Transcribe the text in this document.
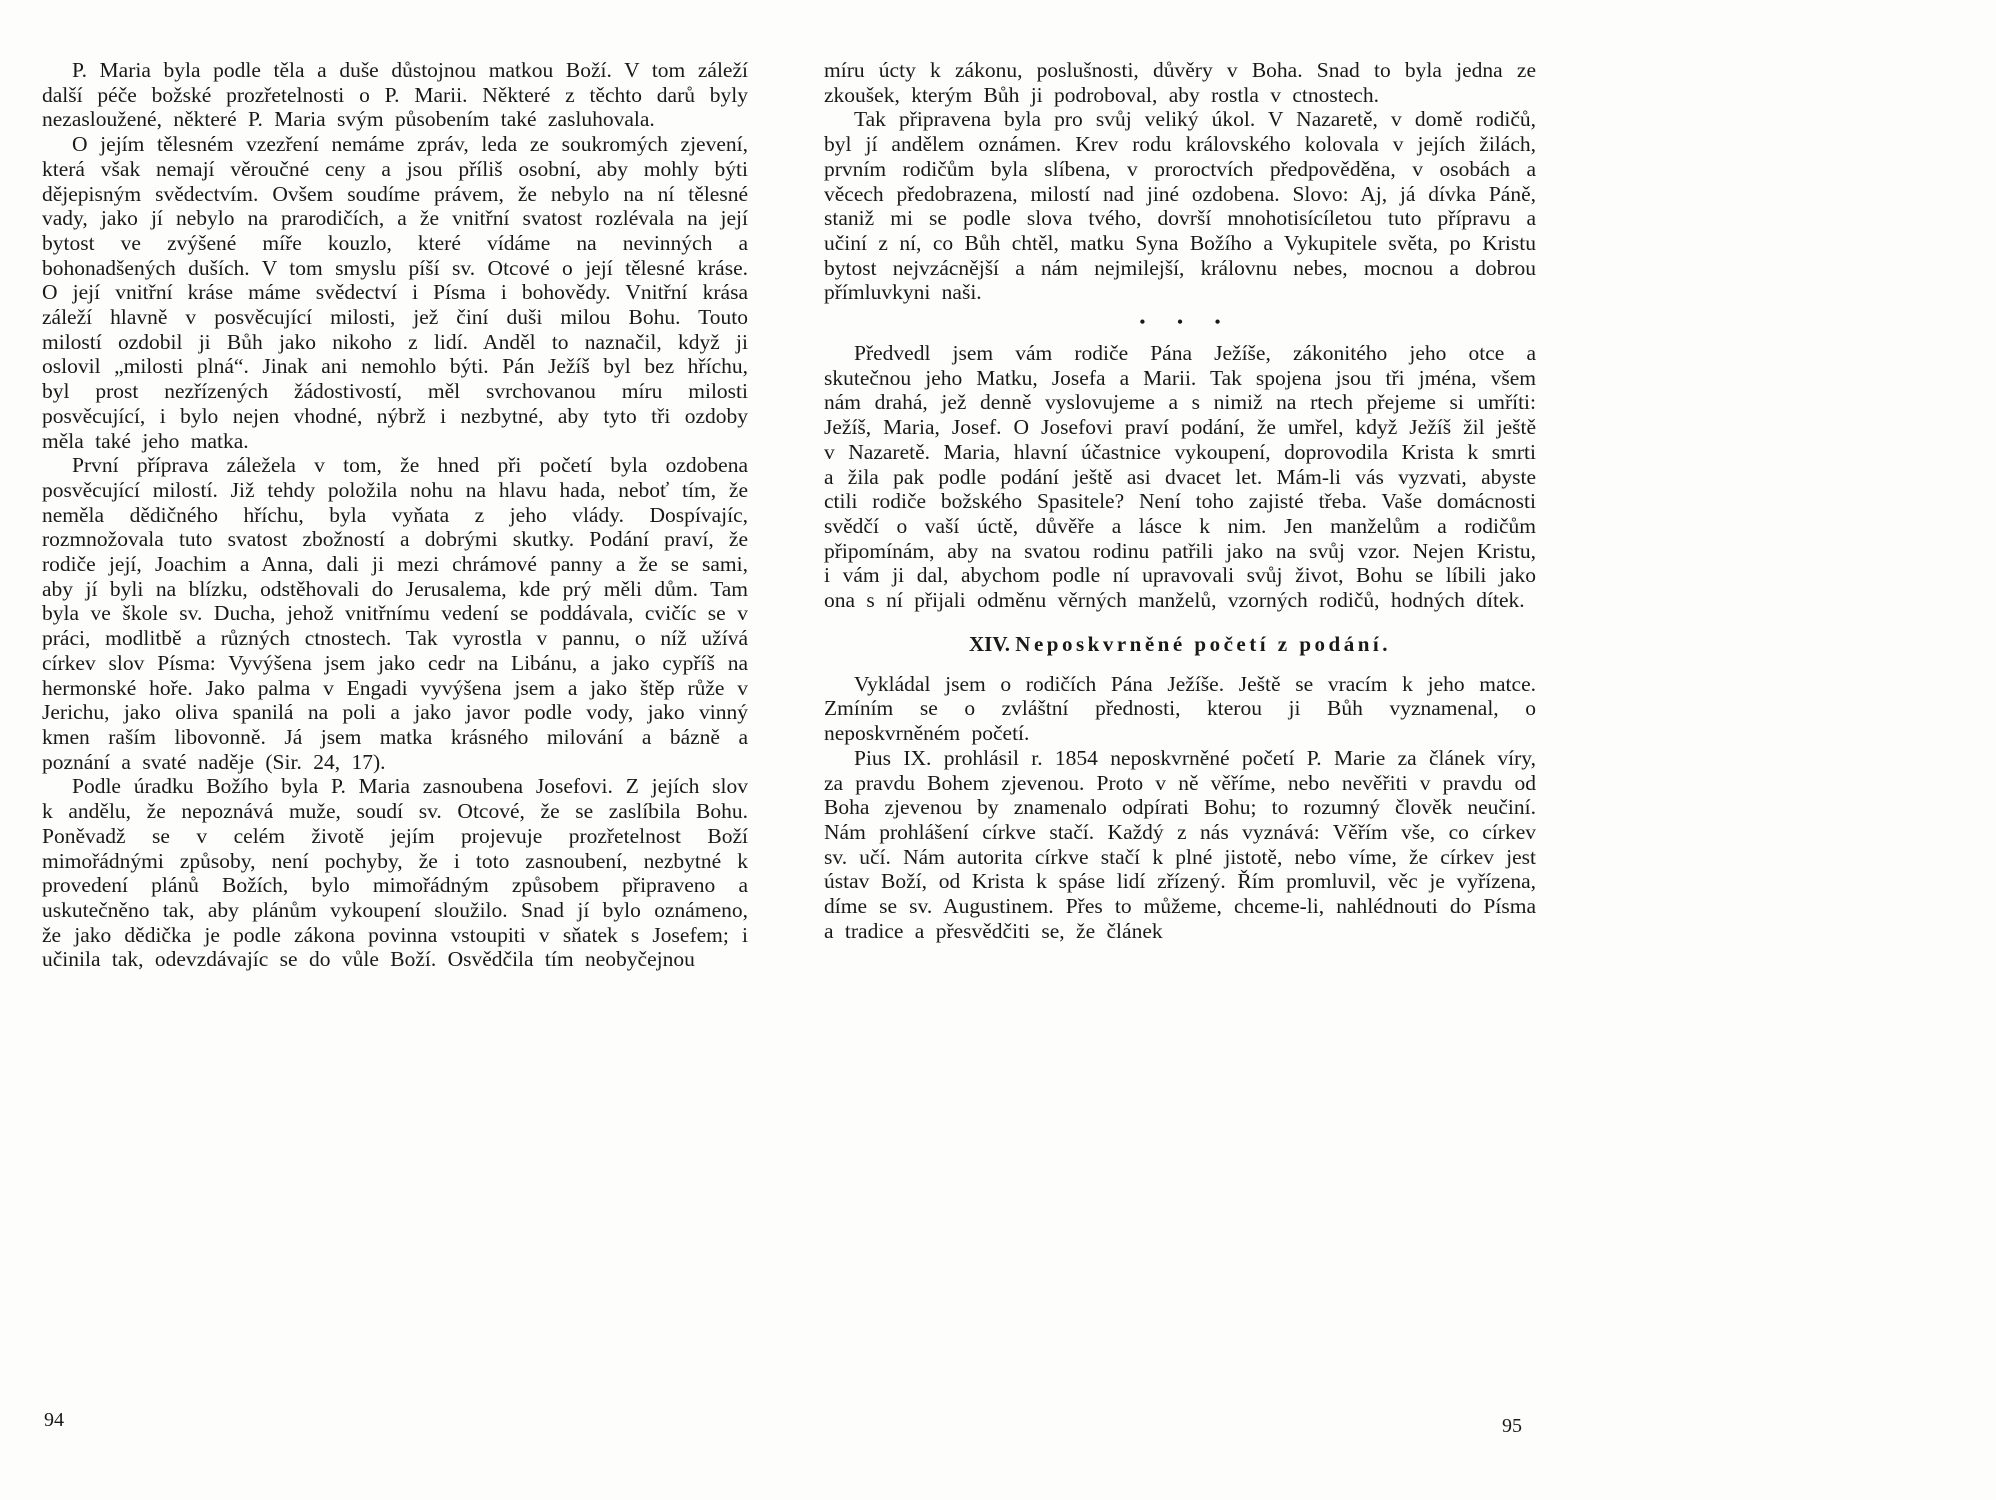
P. Maria byla podle těla a duše důstojnou matkou Boží. V tom záleží další péče božské prozřetelnosti o P. Marii. Některé z těchto darů byly nezasloužené, některé P. Maria svým působením také zasluhovala.

O jejím tělesném vzezření nemáme zpráv, leda ze soukromých zjevení, která však nemají věroučné ceny a jsou příliš osobní, aby mohly býti dějepisným svědectvím. Ovšem soudíme právem, že nebylo na ní tělesné vady, jako jí nebylo na prarodičích, a že vnitřní svatost rozlévala na její bytost ve zvýšené míře kouzlo, které vídáme na nevinných a bohonadšených duších. V tom smyslu píší sv. Otcové o její tělesné kráse. O její vnitřní kráse máme svědectví i Písma i bohovědy. Vnitřní krása záleží hlavně v posvěcující milosti, jež činí duši milou Bohu. Touto milostí ozdobil ji Bůh jako nikoho z lidí. Anděl to naznačil, když ji oslovil „milosti plná“. Jinak ani nemohlo býti. Pán Ježíš byl bez hříchu, byl prost nezřízených žádostivostí, měl svrchovanou míru milosti posvěcující, i bylo nejen vhodné, nýbrž i nezbytné, aby tyto tři ozdoby měla také jeho matka.

První příprava záležela v tom, že hned při početí byla ozdobena posvěcující milostí. Již tehdy položila nohu na hlavu hada, neboť tím, že neměla dědičného hříchu, byla vyňata z jeho vlády. Dospívajíc, rozmnožovala tuto svatost zbožností a dobrými skutky. Podání praví, že rodiče její, Joachim a Anna, dali ji mezi chrámové panny a že se sami, aby jí byli na blízku, odstěhovali do Jerusalema, kde prý měli dům. Tam byla ve škole sv. Ducha, jehož vnitřnímu vedení se poddávala, cvičíc se v práci, modlitbě a různých ctnostech. Tak vyrostla v pannu, o níž užívá církev slov Písma: Vyvýšena jsem jako cedr na Libánu, a jako cypříš na hermonské hoře. Jako palma v Engadi vyvýšena jsem a jako štěp růže v Jerichu, jako oliva spanilá na poli a jako javor podle vody, jako vinný kmen raším libovonně. Já jsem matka krásného milování a bázně a poznání a svaté naděje (Sir. 24, 17).

Podle úradku Božího byla P. Maria zasnoubena Josefovi. Z jejích slov k andělu, že nepoznává muže, soudí sv. Otcové, že se zaslíbila Bohu. Poněvadž se v celém životě jejím projevuje prozřetelnost Boží mimořádnými způsoby, není pochyby, že i toto zasnoubení, nezbytné k provedení plánů Božích, bylo mimořádným způsobem připraveno a uskutečněno tak, aby plánům vykoupení sloužilo. Snad jí bylo oznámeno, že jako dědička je podle zákona povinna vstoupiti v sňatek s Josefem; i učinila tak, odevzdávajíc se do vůle Boží. Osvědčila tím neobyčejnou

míru úcty k zákonu, poslušnosti, důvěry v Boha. Snad to byla jedna ze zkoušek, kterým Bůh ji podroboval, aby rostla v ctnostech.

Tak připravena byla pro svůj veliký úkol. V Nazaretě, v domě rodičů, byl jí andělem oznámen. Krev rodu královského kolovala v jejích žilách, prvním rodičům byla slíbena, v proroctvích předpověděna, v osobách a věcech předobrazena, milostí nad jiné ozdobena. Slovo: Aj, já dívka Páně, staniž mi se podle slova tvého, dovrší mnohotisícíletou tuto přípravu a učiní z ní, co Bůh chtěl, matku Syna Božího a Vykupitele světa, po Kristu bytost nejvzácnější a nám nejmilejší, královnu nebes, mocnou a dobrou přímluvkyni naši.

• • •

Předvedl jsem vám rodiče Pána Ježíše, zákonitého jeho otce a skutečnou jeho Matku, Josefa a Marii. Tak spojena jsou tři jména, všem nám drahá, jež denně vyslovujeme a s nimiž na rtech přejeme si umříti: Ježíš, Maria, Josef. O Josefovi praví podání, že umřel, když Ježíš žil ještě v Nazaretě. Maria, hlavní účastnice vykoupení, doprovodila Krista k smrti a žila pak podle podání ještě asi dvacet let. Mám-li vás vyzvati, abyste ctili rodiče božského Spasitele? Není toho zajisté třeba. Vaše domácnosti svědčí o vaší úctě, důvěře a lásce k nim. Jen manželům a rodičům připomínám, aby na svatou rodinu patřili jako na svůj vzor. Nejen Kristu, i vám ji dal, abychom podle ní upravovali svůj život, Bohu se líbili jako ona s ní přijali odměnu věrných manželů, vzorných rodičů, hodných dítek.

XIV. Neposkvrněné početí z podání.

Vykládal jsem o rodičích Pána Ježíše. Ještě se vracím k jeho matce. Zmíním se o zvláštní přednosti, kterou ji Bůh vyznamenal, o neposkvrněném početí.

Pius IX. prohlásil r. 1854 neposkvrněné početí P. Marie za článek víry, za pravdu Bohem zjevenou. Proto v ně věříme, nebo nevěřiti v pravdu od Boha zjevenou by znamenalo odpírati Bohu; to rozumný člověk neučiní. Nám prohlášení církve stačí. Každý z nás vyznává: Věřím vše, co církev sv. učí. Nám autorita církve stačí k plné jistotě, nebo víme, že církev jest ústav Boží, od Krista k spáse lidí zřízený. Řím promluvil, věc je vyřízena, díme se sv. Augustinem. Přes to můžeme, chceme-li, nahlédnouti do Písma a tradice a přesvědčiti se, že článek

94	95
